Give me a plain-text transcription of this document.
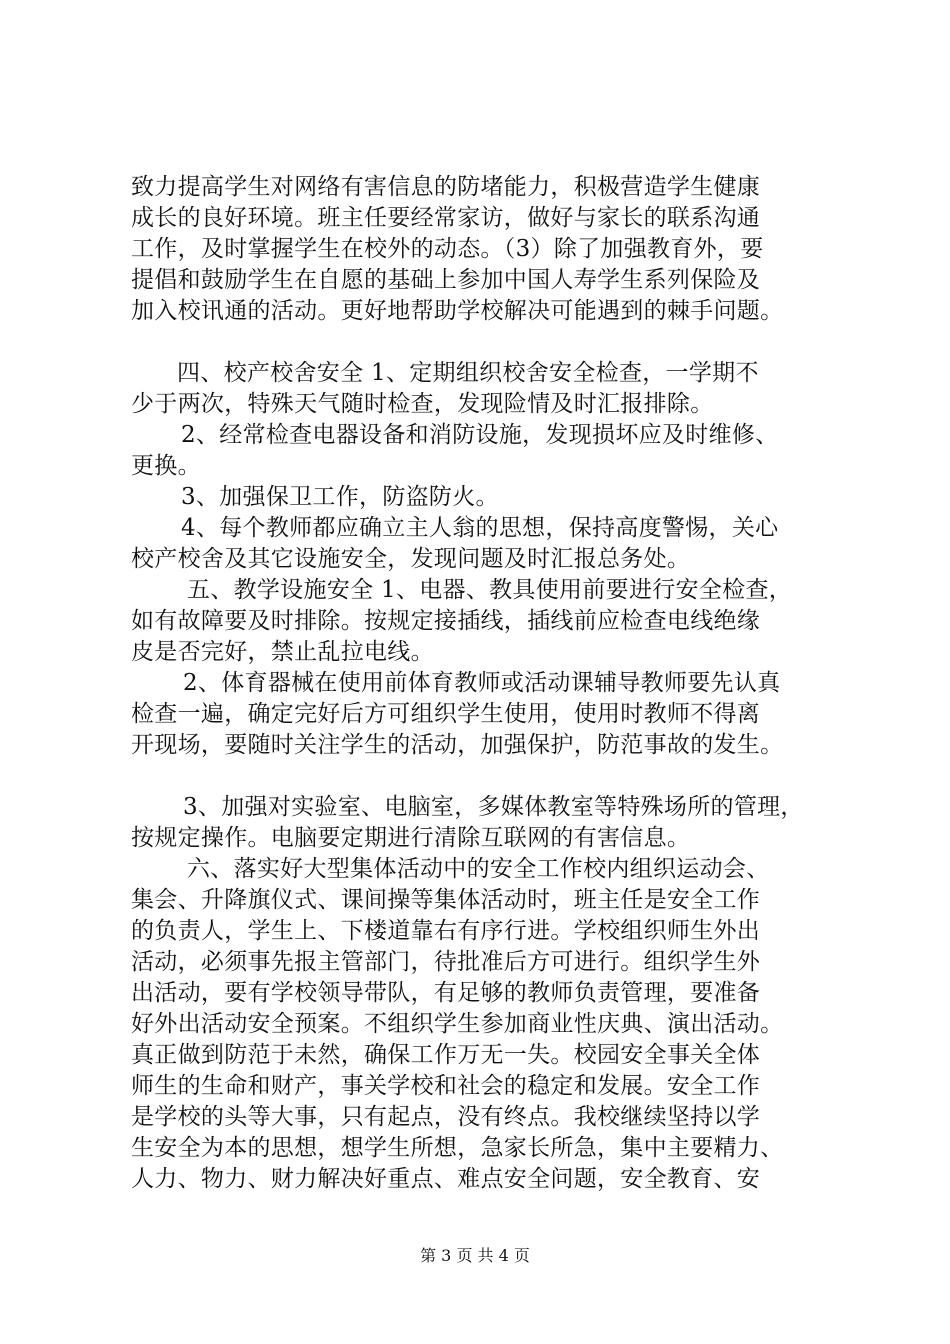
致力提高学生对网络有害信息的防堵能力，积极营造学生健康
成长的良好环境。班主任要经常家访，做好与家长的联系沟通
工作，及时掌握学生在校外的动态。（3）除了加强教育外，要
提倡和鼓励学生在自愿的基础上参加中国人寿学生系列保险及
加入校讯通的活动。更好地帮助学校解决可能遇到的棘手问题。
四、校产校舍安全 1、定期组织校舍安全检查，一学期不
少于两次，特殊天气随时检查，发现险情及时汇报排除。
2、经常检查电器设备和消防设施，发现损坏应及时维修、
更换。
3、加强保卫工作，防盗防火。
4、每个教师都应确立主人翁的思想，保持高度警惕，关心
校产校舍及其它设施安全，发现问题及时汇报总务处。
五、教学设施安全 1、电器、教具使用前要进行安全检查，
如有故障要及时排除。按规定接插线，插线前应检查电线绝缘
皮是否完好，禁止乱拉电线。
2、体育器械在使用前体育教师或活动课辅导教师要先认真
检查一遍，确定完好后方可组织学生使用，使用时教师不得离
开现场，要随时关注学生的活动，加强保护，防范事故的发生。
3、加强对实验室、电脑室，多媒体教室等特殊场所的管理，
按规定操作。电脑要定期进行清除互联网的有害信息。
六、落实好大型集体活动中的安全工作校内组织运动会、
集会、升降旗仪式、课间操等集体活动时，班主任是安全工作
的负责人，学生上、下楼道靠右有序行进。学校组织师生外出
活动，必须事先报主管部门，待批准后方可进行。组织学生外
出活动，要有学校领导带队，有足够的教师负责管理，要准备
好外出活动安全预案。不组织学生参加商业性庆典、演出活动。
真正做到防范于未然，确保工作万无一失。校园安全事关全体
师生的生命和财产，事关学校和社会的稳定和发展。安全工作
是学校的头等大事，只有起点，没有终点。我校继续坚持以学
生安全为本的思想，想学生所想，急家长所急，集中主要精力、
人力、物力、财力解决好重点、难点安全问题，安全教育、安
第 3 页 共 4 页
